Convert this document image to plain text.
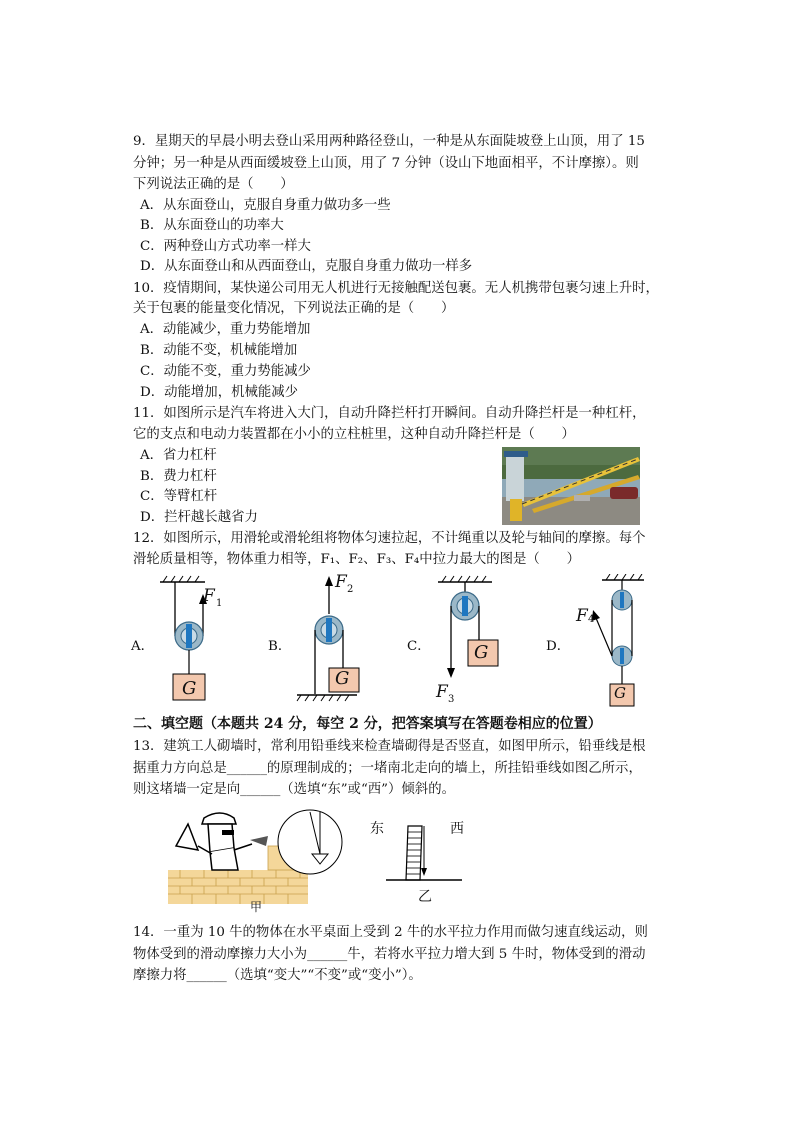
9．星期天的早晨小明去登山采用两种路径登山，一种是从东面陡坡登上山顶，用了 15
分钟；另一种是从西面缓坡登上山顶，用了 7 分钟（设山下地面相平，不计摩擦）。则
下列说法正确的是（　　）
A．从东面登山，克服自身重力做功多一些
B．从东面登山的功率大
C．两种登山方式功率一样大
D．从东面登山和从西面登山，克服自身重力做功一样多
10．疫情期间，某快递公司用无人机进行无接触配送包裹。无人机携带包裹匀速上升时，
关于包裹的能量变化情况，下列说法正确的是（　　）
A．动能减少，重力势能增加
B．动能不变，机械能增加
C．动能不变，重力势能减少
D．动能增加，机械能减少
11．如图所示是汽车将进入大门，自动升降拦杆打开瞬间。自动升降拦杆是一种杠杆，
它的支点和电动力装置都在小小的立柱桩里，这种自动升降拦杆是（　　）
A．省力杠杆
B．费力杠杆
C．等臂杠杆
D．拦杆越长越省力
12．如图所示，用滑轮或滑轮组将物体匀速拉起，不计绳重以及轮与轴间的摩擦。每个
滑轮质量相等，物体重力相等，F₁、F₂、F₃、F₄中拉力最大的图是（　　）
A．	B．	C．	D．
F 1
G
F 2
G
G
F 3
F 4
G
二、填空题（本题共 24 分，每空 2 分，把答案填写在答题卷相应的位置）
13．建筑工人砌墙时，常利用铅垂线来检查墙砌得是否竖直，如图甲所示，铅垂线是根
据重力方向总是______的原理制成的；一堵南北走向的墙上，所挂铅垂线如图乙所示，
则这堵墙一定是向______（选填“东”或“西”）倾斜的。
甲
东	西
乙
14．一重为 10 牛的物体在水平桌面上受到 2 牛的水平拉力作用而做匀速直线运动，则
物体受到的滑动摩擦力大小为______牛，若将水平拉力增大到 5 牛时，物体受到的滑动
摩擦力将______（选填“变大”“不变”或“变小”）。
